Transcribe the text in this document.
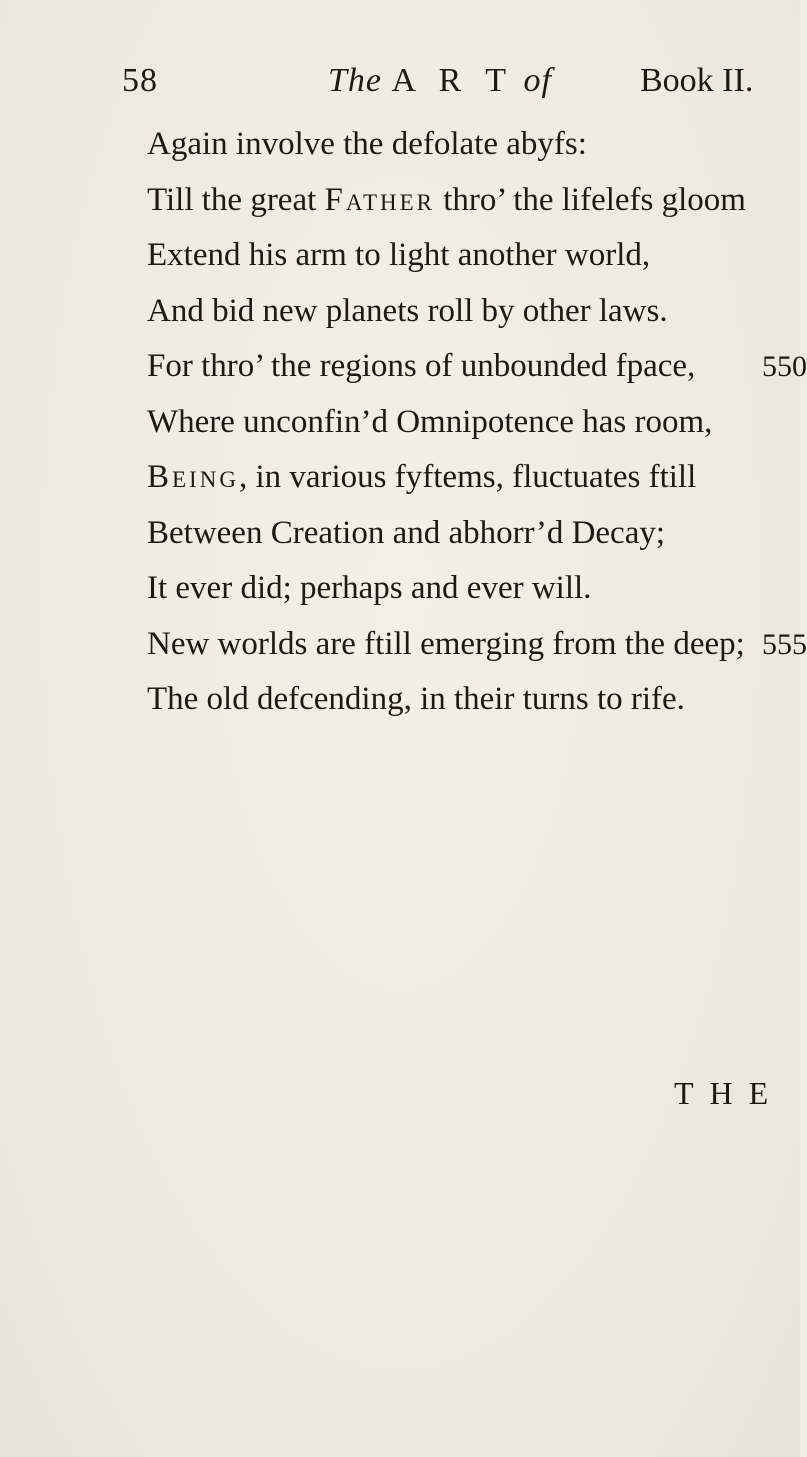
58	The A R T of	Book II.
Again involve the defolate abyfs:
Till the great Father thro’ the lifelefs gloom
Extend his arm to light another world,
And bid new planets roll by other laws.
For thro’ the regions of unbounded fpace, 550
Where unconfin’d Omnipotence has room,
Being, in various fyftems, fluctuates ftill
Between Creation and abhorr’d Decay;
It ever did; perhaps and ever will.
New worlds are ftill emerging from the deep; 555
The old defcending, in their turns to rife.
THE
